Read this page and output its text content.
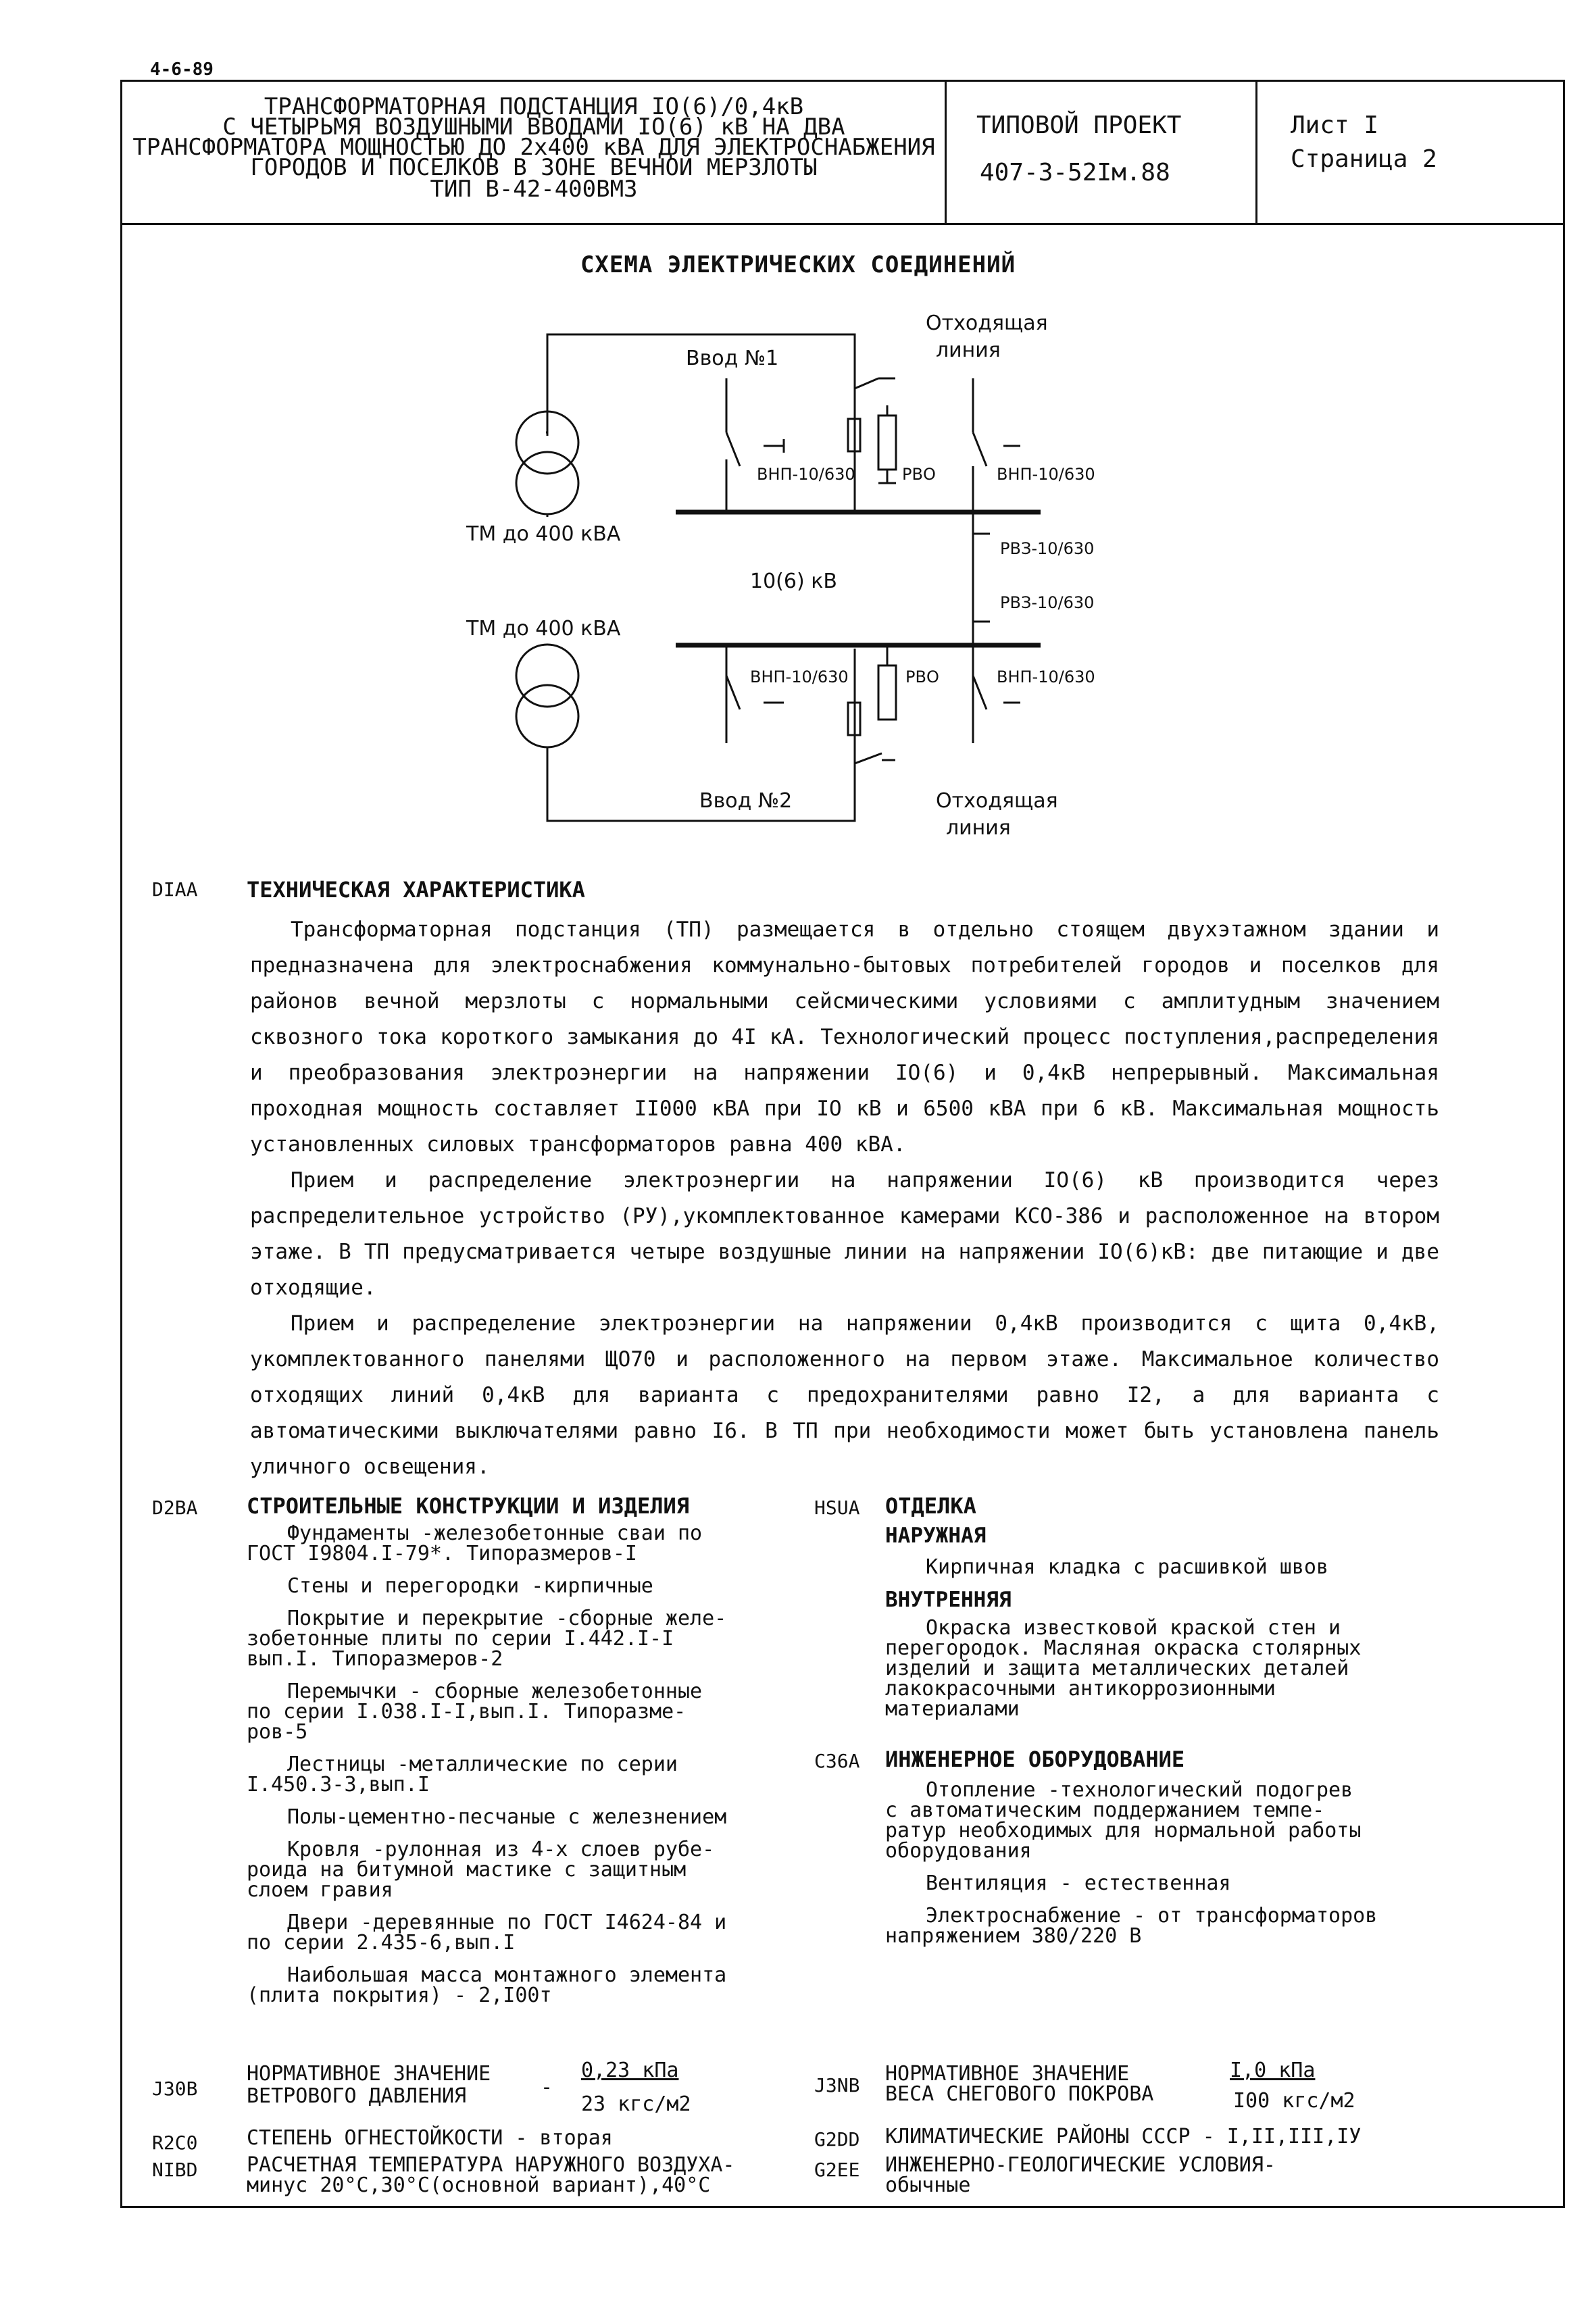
4-6-89
ТРАНСФОРМАТОРНАЯ ПОДСТАНЦИЯ IO(6)/0,4кВ
С ЧЕТЫРЬМЯ ВОЗДУШНЫМИ ВВОДАМИ IO(6) кВ НА ДВА
ТРАНСФОРМАТОРА МОЩНОСТЬЮ ДО 2х400 кВА ДЛЯ ЭЛЕКТРОСНАБЖЕНИЯ
ГОРОДОВ И ПОСЕЛКОВ В ЗОНЕ ВЕЧНОЙ МЕРЗЛОТЫ
ТИП В-42-400ВМЗ
ТИПОВОЙ ПРОЕКТ
407-3-52Iм.88
Лист I
Страница 2
СХЕМА ЭЛЕКТРИЧЕСКИХ СОЕДИНЕНИЙ
Отходящая
линия
Ввод №1
ВНП-10/630	РВО	ВНП-10/630
ТМ до 400 кВА
РВЗ-10/630
10(6) кВ
РВЗ-10/630
ТМ до 400 кВА
ВНП-10/630	РВО	ВНП-10/630
Ввод №2	Отходящая
линия
DIAA ТЕХНИЧЕСКАЯ ХАРАКТЕРИСТИКА

Трансформаторная подстанция (ТП) размещается в отдельно стоящем двухэтажном здании и предназначена для электроснабжения коммунально-бытовых потребителей городов и поселков для районов вечной мерзлоты с нормальными сейсмическими условиями с амплитудным значением сквозного тока короткого замыкания до 4I кА. Технологический процесс поступления,распределения и преобразования электроэнергии на напряжении IO(6) и 0,4кВ непрерывный. Максимальная проходная мощность составляет II000 кВА при IO кВ и 6500 кВА при 6 кВ. Максимальная мощность установленных силовых трансформаторов равна 400 кВА.

Прием и распределение электроэнергии на напряжении IO(6) кВ производится через распределительное устройство (РУ),укомплектованное камерами КСО-386 и расположенное на втором этаже. В ТП предусматривается четыре воздушные линии на напряжении IO(6)кВ: две питающие и две отходящие.

Прием и распределение электроэнергии на напряжении 0,4кВ производится с щита 0,4кВ, укомплектованного панелями ЩО70 и расположенного на первом этаже. Максимальное количество отходящих линий 0,4кВ для варианта с предохранителями равно I2, а для варианта с автоматическими выключателями равно I6. В ТП при необходимости может быть установлена панель уличного освещения.

D2BA СТРОИТЕЛЬНЫЕ КОНСТРУКЦИИ И ИЗДЕЛИЯ
Фундаменты -железобетонные сваи по
ГОСТ I9804.I-79*. Типоразмеров-I
Стены и перегородки -кирпичные
Покрытие и перекрытие -сборные желе-
зобетонные плиты по серии I.442.I-I
вып.I. Типоразмеров-2
Перемычки - сборные железобетонные
по серии I.038.I-I,вып.I. Типоразме-
ров-5
Лестницы -металлические по серии
I.450.3-3,вып.I
Полы-цементно-песчаные с железнением
Кровля -рулонная из 4-х слоев рубе-
роида на битумной мастике с защитным
слоем гравия
Двери -деревянные по ГОСТ I4624-84 и
по серии 2.435-6,вып.I
Наибольшая масса монтажного элемента
(плита покрытия) - 2,I00т
HSUA ОТДЕЛКА
НАРУЖНАЯ
Кирпичная кладка с расшивкой швов
ВНУТРЕННЯЯ
Окраска известковой краской стен и
перегородок. Масляная окраска столярных
изделий и защита металлических деталей
лакокрасочными антикоррозионными
материалами
C36A ИНЖЕНЕРНОЕ ОБОРУДОВАНИЕ
Отопление -технологический подогрев
с автоматическим поддержанием темпе-
ратур необходимых для нормальной работы
оборудования
Вентиляция - естественная
Электроснабжение - от трансформаторов
напряжением 380/220 В
J30B
НОРМАТИВНОЕ ЗНАЧЕНИЕ
ВЕТРОВОГО ДАВЛЕНИЯ	-
0,23 кПа
23 кгс/м2
J3NB НОРМАТИВНОЕ ЗНАЧЕНИЕ
ВЕСА СНЕГОВОГО ПОКРОВА
I,0 кПа
I00 кгс/м2
R2C0 СТЕПЕНЬ ОГНЕСТОЙКОСТИ - вторая	G2DD КЛИМАТИЧЕСКИЕ РАЙОНЫ СССР - I,II,III,IУ
NIBD РАСЧЕТНАЯ ТЕМПЕРАТУРА НАРУЖНОГО ВОЗДУХА-
минус 20°С,30°С(основной вариант),40°С
G2EE ИНЖЕНЕРНО-ГЕОЛОГИЧЕСКИЕ УСЛОВИЯ-
обычные
